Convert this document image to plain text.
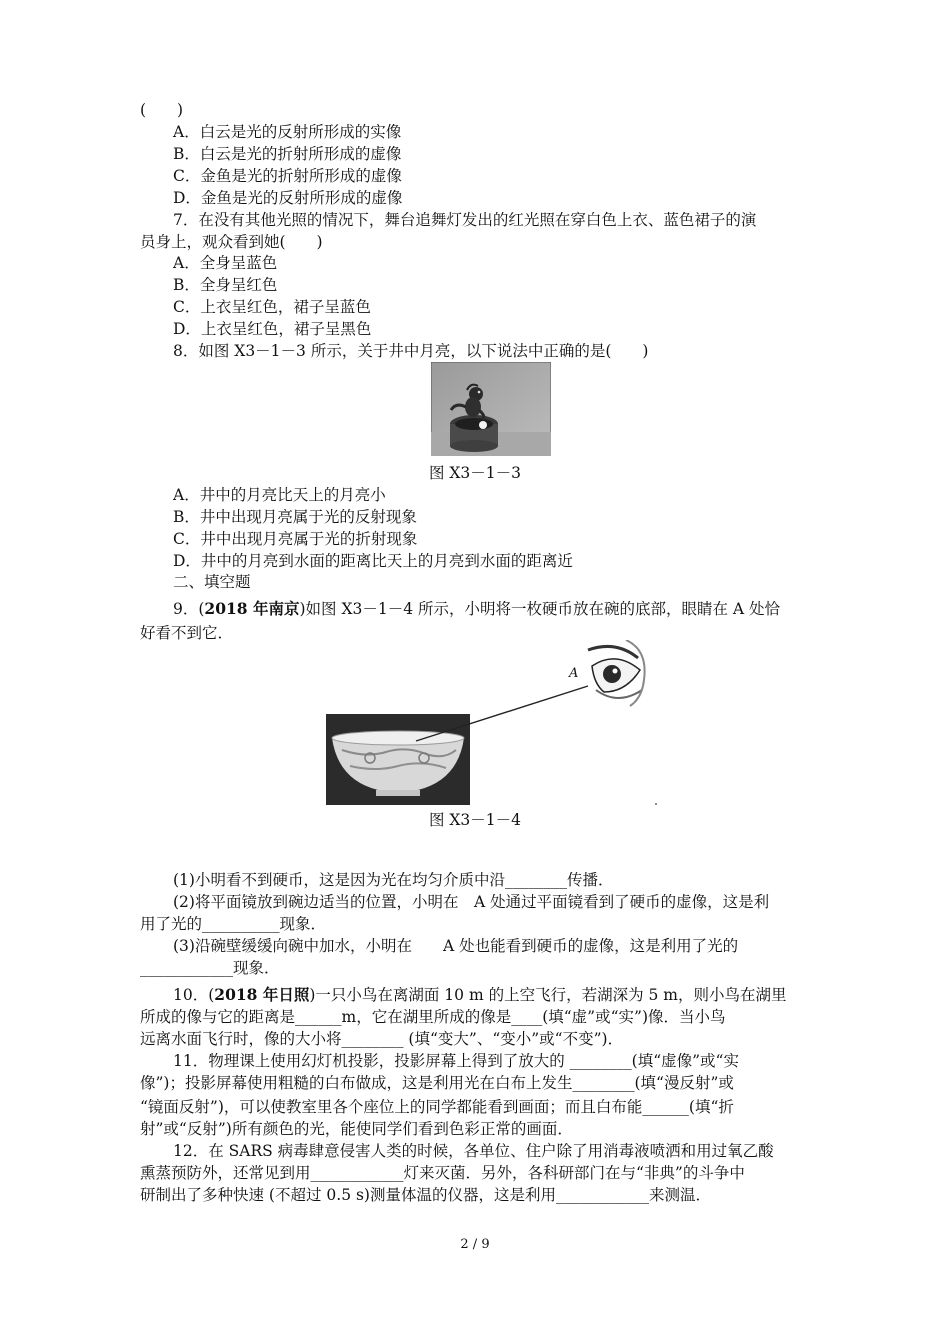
(　　)
A．白云是光的反射所形成的实像
B．白云是光的折射所形成的虚像
C．金鱼是光的折射所形成的虚像
D．金鱼是光的反射所形成的虚像
7．在没有其他光照的情况下，舞台追舞灯发出的红光照在穿白色上衣、蓝色裙子的演
员身上，观众看到她(　　)
A．全身呈蓝色
B．全身呈红色
C．上衣呈红色，裙子呈蓝色
D．上衣呈红色，裙子呈黑色
8．如图 X3－1－3 所示，关于井中月亮，以下说法中正确的是(　　)
图 X3－1－3
A．井中的月亮比天上的月亮小
B．井中出现月亮属于光的反射现象
C．井中出现月亮属于光的折射现象
D．井中的月亮到水面的距离比天上的月亮到水面的距离近
二、填空题
9．(2018 年南京)如图 X3－1－4 所示，小明将一枚硬币放在碗的底部，眼睛在 A 处恰
好看不到它．
A
图 X3－1－4
(1)小明看不到硬币，这是因为光在均匀介质中沿________传播．
(2)将平面镜放到碗边适当的位置，小明在　A 处通过平面镜看到了硬币的虚像，这是利
用了光的__________现象．
(3)沿碗壁缓缓向碗中加水，小明在　　A 处也能看到硬币的虚像，这是利用了光的
____________现象．
10．(2018 年日照)一只小鸟在离湖面 10 m 的上空飞行，若湖深为 5 m，则小鸟在湖里
所成的像与它的距离是______m，它在湖里所成的像是____(填“虚”或“实”)像．当小鸟
远离水面飞行时，像的大小将________ (填“变大”、“变小”或“不变”)．
11．物理课上使用幻灯机投影，投影屏幕上得到了放大的 ________(填“虚像”或“实
像”)；投影屏幕使用粗糙的白布做成，这是利用光在白布上发生________(填“漫反射”或
“镜面反射”)，可以使教室里各个座位上的同学都能看到画面；而且白布能______(填“折
射”或“反射”)所有颜色的光，能使同学们看到色彩正常的画面．
12．在 SARS 病毒肆意侵害人类的时候，各单位、住户除了用消毒液喷洒和用过氧乙酸
熏蒸预防外，还常见到用____________灯来灭菌．另外，各科研部门在与“非典”的斗争中
研制出了多种快速 (不超过 0.5 s)测量体温的仪器，这是利用____________来测温．
2 / 9
